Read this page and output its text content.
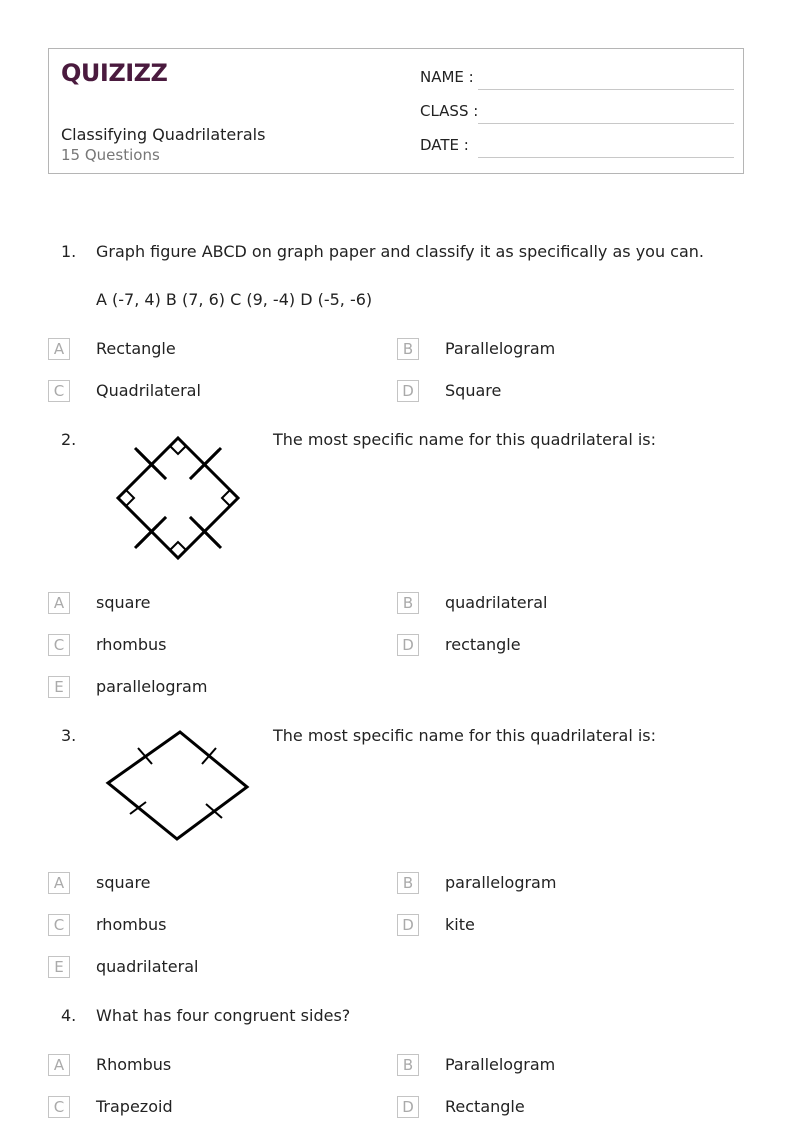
QUIZIZZ
Classifying Quadrilaterals
15 Questions
NAME :
CLASS :
DATE :
1. Graph figure ABCD on graph paper and classify it as specifically as you can.
A (-7, 4) B (7, 6) C (9, -4) D (-5, -6)
A	Rectangle	B	Parallelogram
C	Quadrilateral	D	Square
2.	The most specific name for this quadrilateral is:
A	square	B	quadrilateral
C	rhombus	D	rectangle
E	parallelogram
3.	The most specific name for this quadrilateral is:
A	square	B	parallelogram
C	rhombus	D	kite
E	quadrilateral
4. What has four congruent sides?
A	Rhombus	B	Parallelogram
C	Trapezoid	D	Rectangle
